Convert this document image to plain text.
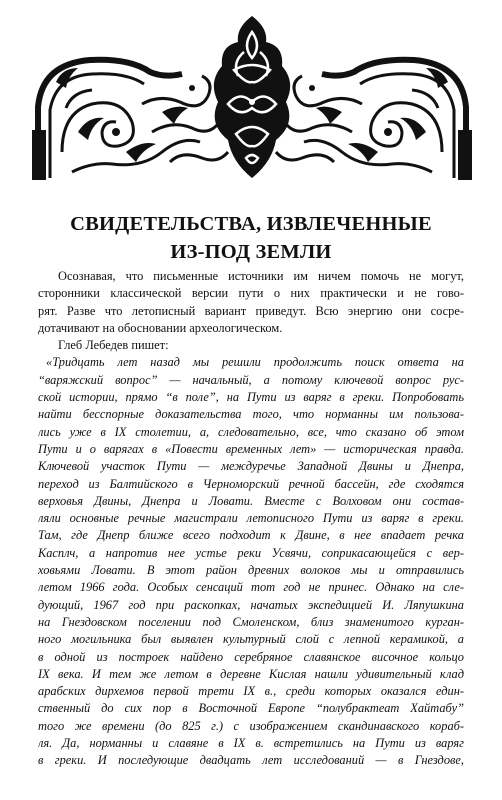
СВИДЕТЕЛЬСТВА, ИЗВЛЕЧЕННЫЕ
ИЗ-ПОД ЗЕМЛИ
Осознавая, что письменные источники им ничем помочь не могут,
сторонники классической версии пути о них практически и не гово-
рят. Разве что летописный вариант приведут. Всю энергию они сосре-
дотачивают на обосновании археологическом.
Глеб Лебедев пишет:
«Тридцать лет назад мы решили продолжить поиск ответа на
“варяжский вопрос” — начальный, а потому ключевой вопрос рус-
ской истории, прямо “в поле”, на Пути из варяг в греки. Попробовать
найти бесспорные доказательства того, что норманны им пользова-
лись уже в IX столетии, а, следовательно, все, что сказано об этом
Пути и о варягах в «Повести временных лет» — историческая правда.
Ключевой участок Пути — междуречье Западной Двины и Днепра,
переход из Балтийского в Черноморский речной бассейн, где сходятся
верховья Двины, Днепра и Ловати. Вместе с Волховом они состав-
ляли основные речные магистрали летописного Пути из варяг в греки.
Там, где Днепр ближе всего подходит к Двине, в нее впадает речка
Касплч, а напротив нее устье реки Усвячи, соприкасающейся с вер-
ховьями Ловати. В этот район древних волоков мы и отправились
летом 1966 года. Особых сенсаций тот год не принес. Однако на сле-
дующий, 1967 год при раскопках, начатых экспедицией И. Ляпушкина
на Гнездовском поселении под Смоленском, близ знаменитого курган-
ного могильника был выявлен культурный слой с лепной керамикой, а
в одной из построек найдено серебряное славянское височное кольцо
IX века. И тем же летом в деревне Кислая нашли удивительный клад
арабских дирхемов первой трети IX в., среди которых оказался един-
ственный до сих пор в Восточной Европе “полубрактеат Хайтабу”
того же времени (до 825 г.) с изображением скандинавского кораб-
ля. Да, норманны и славяне в IX в. встретились на Пути из варяг
в греки. И последующие двадцать лет исследований — в Гнездове,
